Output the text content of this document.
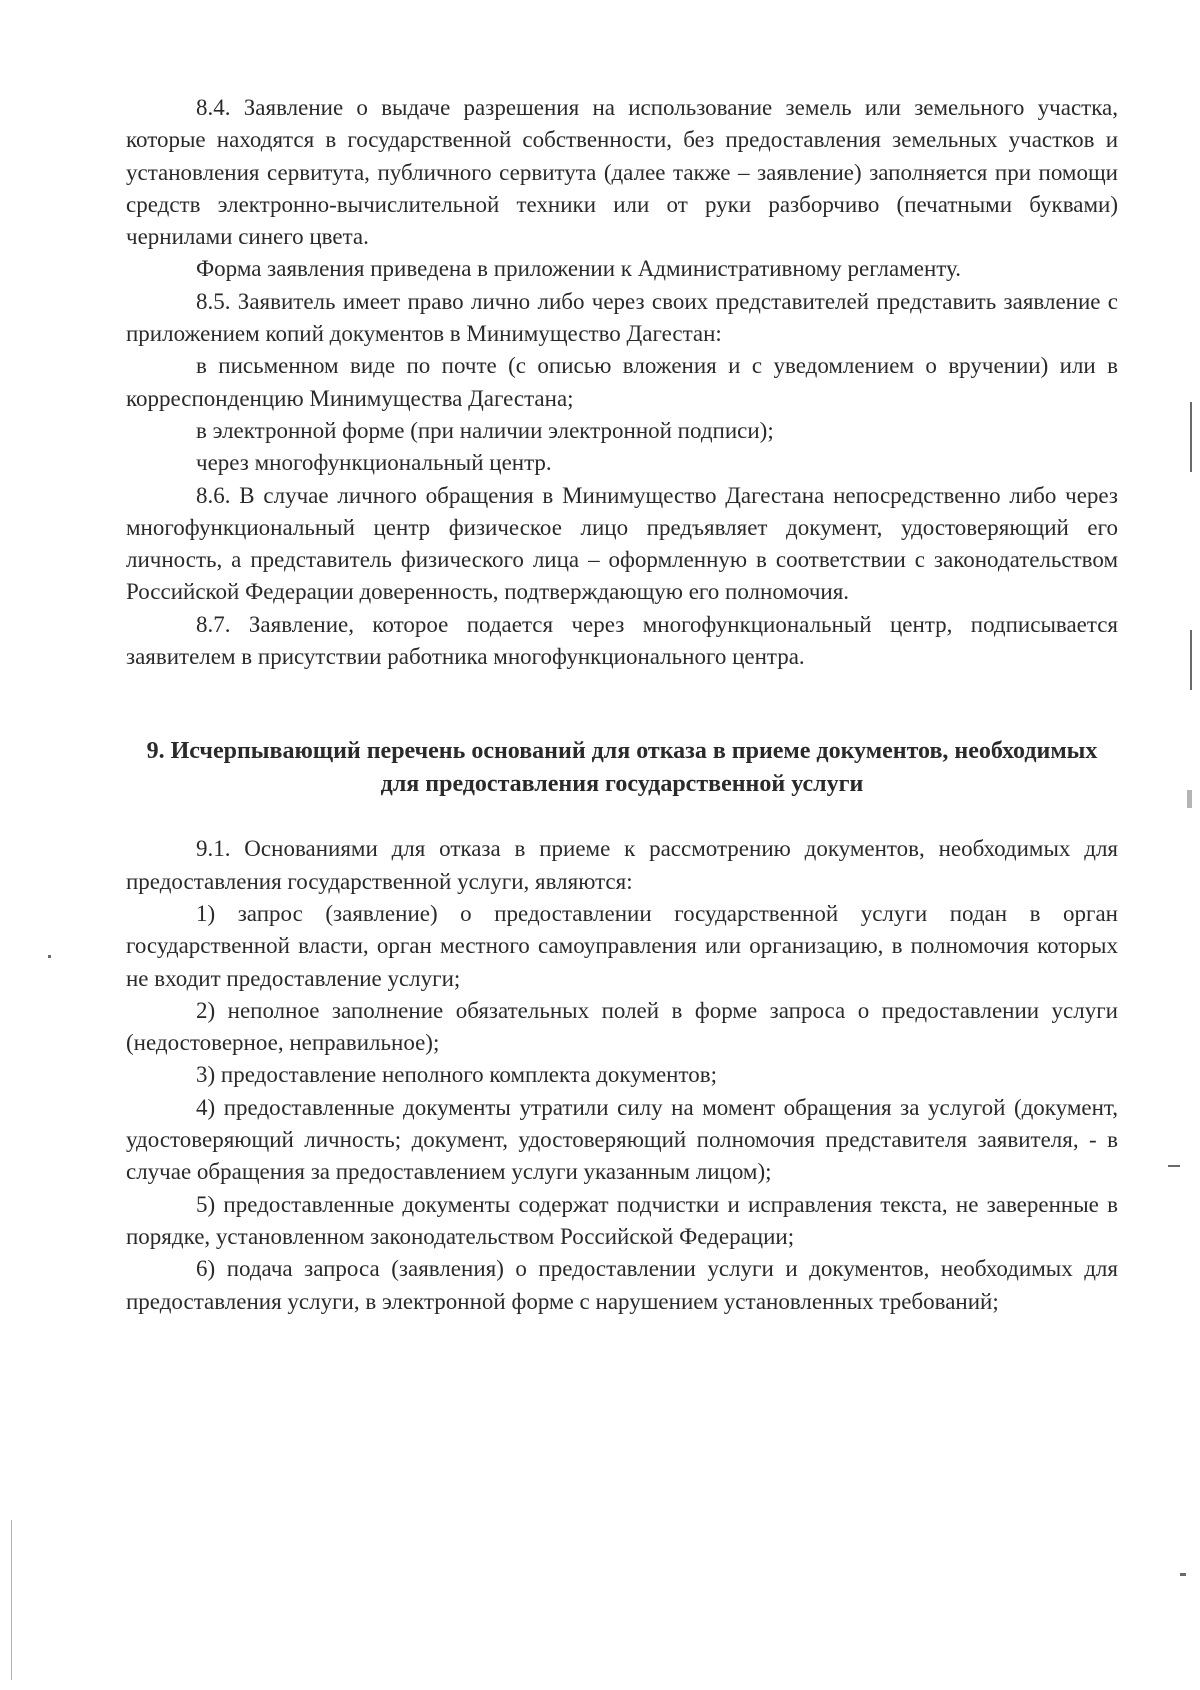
8.4. Заявление о выдаче разрешения на использование земель или земельного участка, которые находятся в государственной собственности, без предоставления земельных участков и установления сервитута, публичного сервитута (далее также – заявление) заполняется при помощи средств электронно-вычислительной техники или от руки разборчиво (печатными буквами) чернилами синего цвета.

Форма заявления приведена в приложении к Административному регламенту.

8.5. Заявитель имеет право лично либо через своих представителей представить заявление с приложением копий документов в Минимущество Дагестан:

в письменном виде по почте (с описью вложения и с уведомлением о вручении) или в корреспонденцию Минимущества Дагестана;

в электронной форме (при наличии электронной подписи);

через многофункциональный центр.

8.6. В случае личного обращения в Минимущество Дагестана непосредственно либо через многофункциональный центр физическое лицо предъявляет документ, удостоверяющий его личность, а представитель физического лица – оформленную в соответствии с законодательством Российской Федерации доверенность, подтверждающую его полномочия.

8.7. Заявление, которое подается через многофункциональный центр, подписывается заявителем в присутствии работника многофункционального центра.

9. Исчерпывающий перечень оснований для отказа в приеме документов, необходимых для предоставления государственной услуги

9.1. Основаниями для отказа в приеме к рассмотрению документов, необходимых для предоставления государственной услуги, являются:

1) запрос (заявление) о предоставлении государственной услуги подан в орган государственной власти, орган местного самоуправления или организацию, в полномочия которых не входит предоставление услуги;

2) неполное заполнение обязательных полей в форме запроса о предоставлении услуги (недостоверное, неправильное);

3) предоставление неполного комплекта документов;

4) предоставленные документы утратили силу на момент обращения за услугой (документ, удостоверяющий личность; документ, удостоверяющий полномочия представителя заявителя, - в случае обращения за предоставлением услуги указанным лицом);

5) предоставленные документы содержат подчистки и исправления текста, не заверенные в порядке, установленном законодательством Российской Федерации;

6) подача запроса (заявления) о предоставлении услуги и документов, необходимых для предоставления услуги, в электронной форме с нарушением установленных требований;
